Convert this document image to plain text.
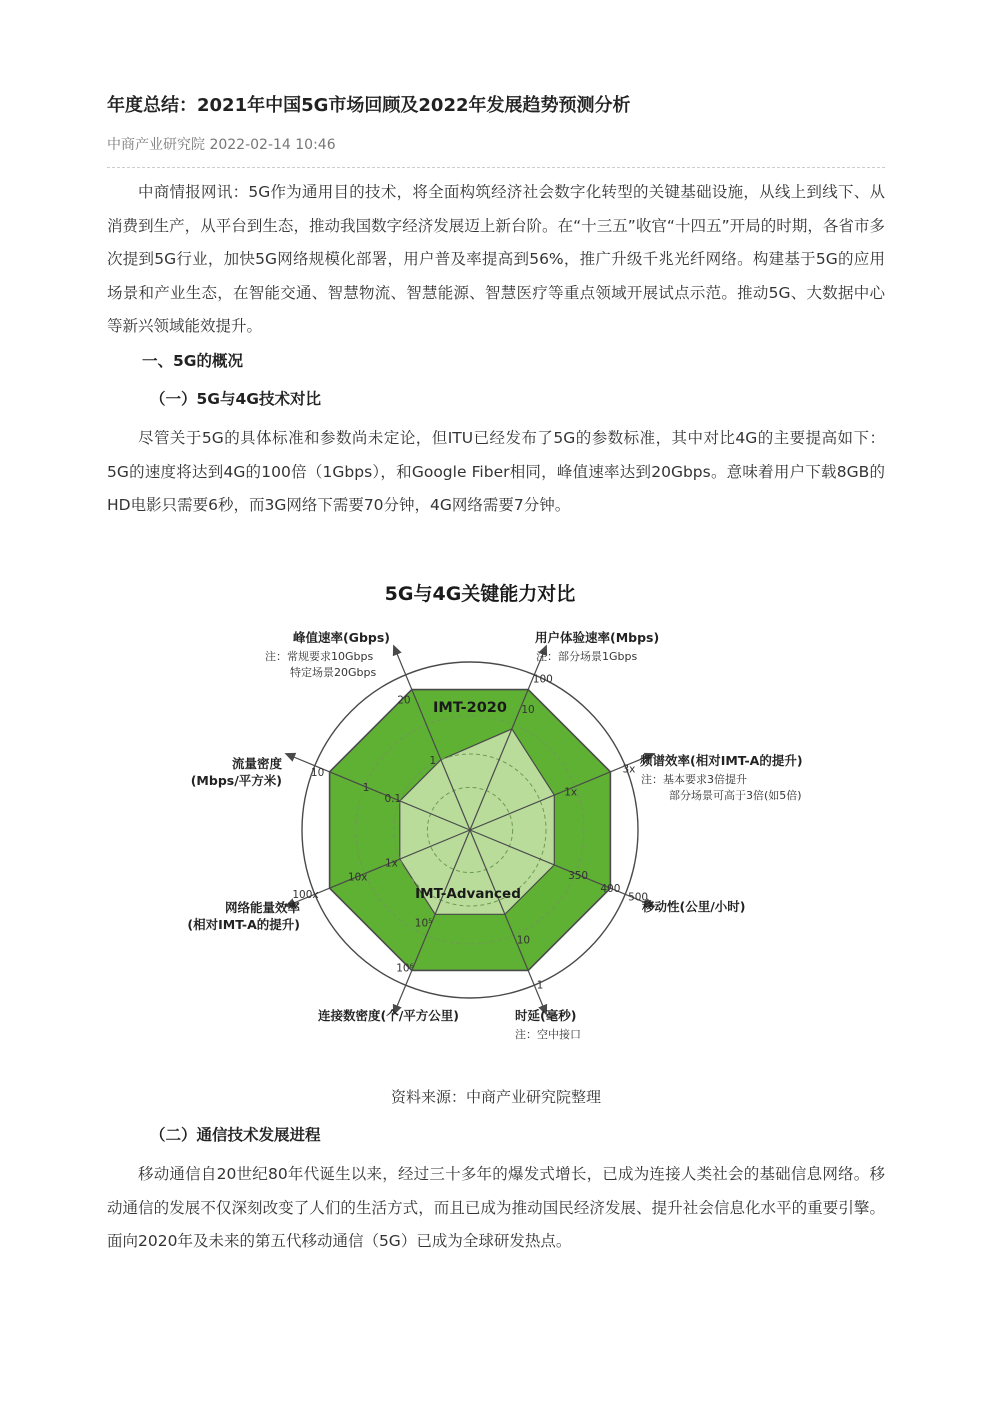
年度总结：2021年中国5G市场回顾及2022年发展趋势预测分析
中商产业研究院 2022-02-14 10:46

中商情报网讯：5G作为通用目的技术，将全面构筑经济社会数字化转型的关键基础设施，从线上到线下、从消费到生产，从平台到生态，推动我国数字经济发展迈上新台阶。在“十三五”收官“十四五”开局的时期，各省市多次提到5G行业，加快5G网络规模化部署，用户普及率提高到56%，推广升级千兆光纤网络。构建基于5G的应用场景和产业生态，在智能交通、智慧物流、智慧能源、智慧医疗等重点领域开展试点示范。推动5G、大数据中心等新兴领域能效提升。

一、5G的概况
（一）5G与4G技术对比

尽管关于5G的具体标准和参数尚未定论，但ITU已经发布了5G的参数标准，其中对比4G的主要提高如下：5G的速度将达到4G的100倍（1Gbps），和Google Fiber相同，峰值速率达到20Gbps。意味着用户下载8GB的HD电影只需要6秒，而3G网络下需要70分钟，4G网络需要7分钟。

5G与4G关键能力对比
20
1
100
10
3x
1x
500
400
350
1
10
10⁶
10⁵
100x
10x
1x
10
1
0.1
峰值速率(Gbps)
注：常规要求10Gbps
特定场景20Gbps
用户体验速率(Mbps)
注：部分场景1Gbps
频谱效率(相对IMT-A的提升)
注：基本要求3倍提升
部分场景可高于3倍(如5倍)
移动性(公里/小时)
时延(毫秒)
注：空中接口
连接数密度(个/平方公里)
网络能量效率
(相对IMT-A的提升)
流量密度
(Mbps/平方米)
IMT-2020
IMT-Advanced
资料来源：中商产业研究院整理
（二）通信技术发展进程

移动通信自20世纪80年代诞生以来，经过三十多年的爆发式增长，已成为连接人类社会的基础信息网络。移动通信的发展不仅深刻改变了人们的生活方式，而且已成为推动国民经济发展、提升社会信息化水平的重要引擎。面向2020年及未来的第五代移动通信（5G）已成为全球研发热点。
